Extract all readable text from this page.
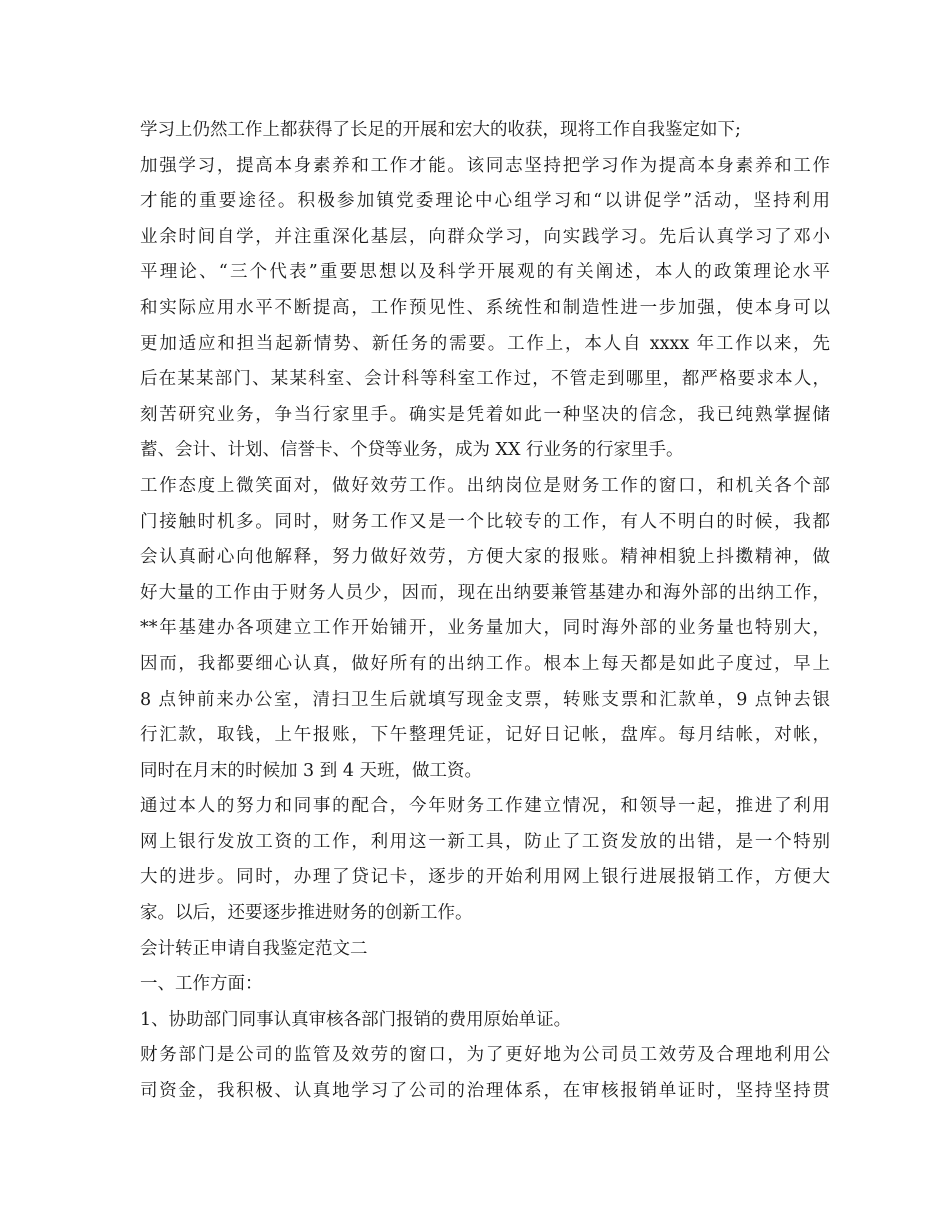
学习上仍然工作上都获得了长足的开展和宏大的收获，现将工作自我鉴定如下;
加强学习，提高本身素养和工作才能。该同志坚持把学习作为提高本身素养和工作
才能的重要途径。积极参加镇党委理论中心组学习和“以讲促学”活动，坚持利用
业余时间自学，并注重深化基层，向群众学习，向实践学习。先后认真学习了邓小
平理论、“三个代表”重要思想以及科学开展观的有关阐述，本人的政策理论水平
和实际应用水平不断提高，工作预见性、系统性和制造性进一步加强，使本身可以
更加适应和担当起新情势、新任务的需要。工作上，本人自 xxxx 年工作以来，先
后在某某部门、某某科室、会计科等科室工作过，不管走到哪里，都严格要求本人，
刻苦研究业务，争当行家里手。确实是凭着如此一种坚决的信念，我已纯熟掌握储
蓄、会计、计划、信誉卡、个贷等业务，成为 XX 行业务的行家里手。
工作态度上微笑面对，做好效劳工作。出纳岗位是财务工作的窗口，和机关各个部
门接触时机多。同时，财务工作又是一个比较专的工作，有人不明白的时候，我都
会认真耐心向他解释，努力做好效劳，方便大家的报账。精神相貌上抖擞精神，做
好大量的工作由于财务人员少，因而，现在出纳要兼管基建办和海外部的出纳工作，
**年基建办各项建立工作开始铺开，业务量加大，同时海外部的业务量也特别大，
因而，我都要细心认真，做好所有的出纳工作。根本上每天都是如此子度过，早上
8 点钟前来办公室，清扫卫生后就填写现金支票，转账支票和汇款单，9 点钟去银
行汇款，取钱，上午报账，下午整理凭证，记好日记帐，盘库。每月结帐，对帐，
同时在月末的时候加 3 到 4 天班，做工资。
通过本人的努力和同事的配合，今年财务工作建立情况，和领导一起，推进了利用
网上银行发放工资的工作，利用这一新工具，防止了工资发放的出错，是一个特别
大的进步。同时，办理了贷记卡，逐步的开始利用网上银行进展报销工作，方便大
家。以后，还要逐步推进财务的创新工作。
会计转正申请自我鉴定范文二
一、工作方面：
1、协助部门同事认真审核各部门报销的费用原始单证。
财务部门是公司的监管及效劳的窗口，为了更好地为公司员工效劳及合理地利用公
司资金，我积极、认真地学习了公司的治理体系，在审核报销单证时，坚持坚持贯
